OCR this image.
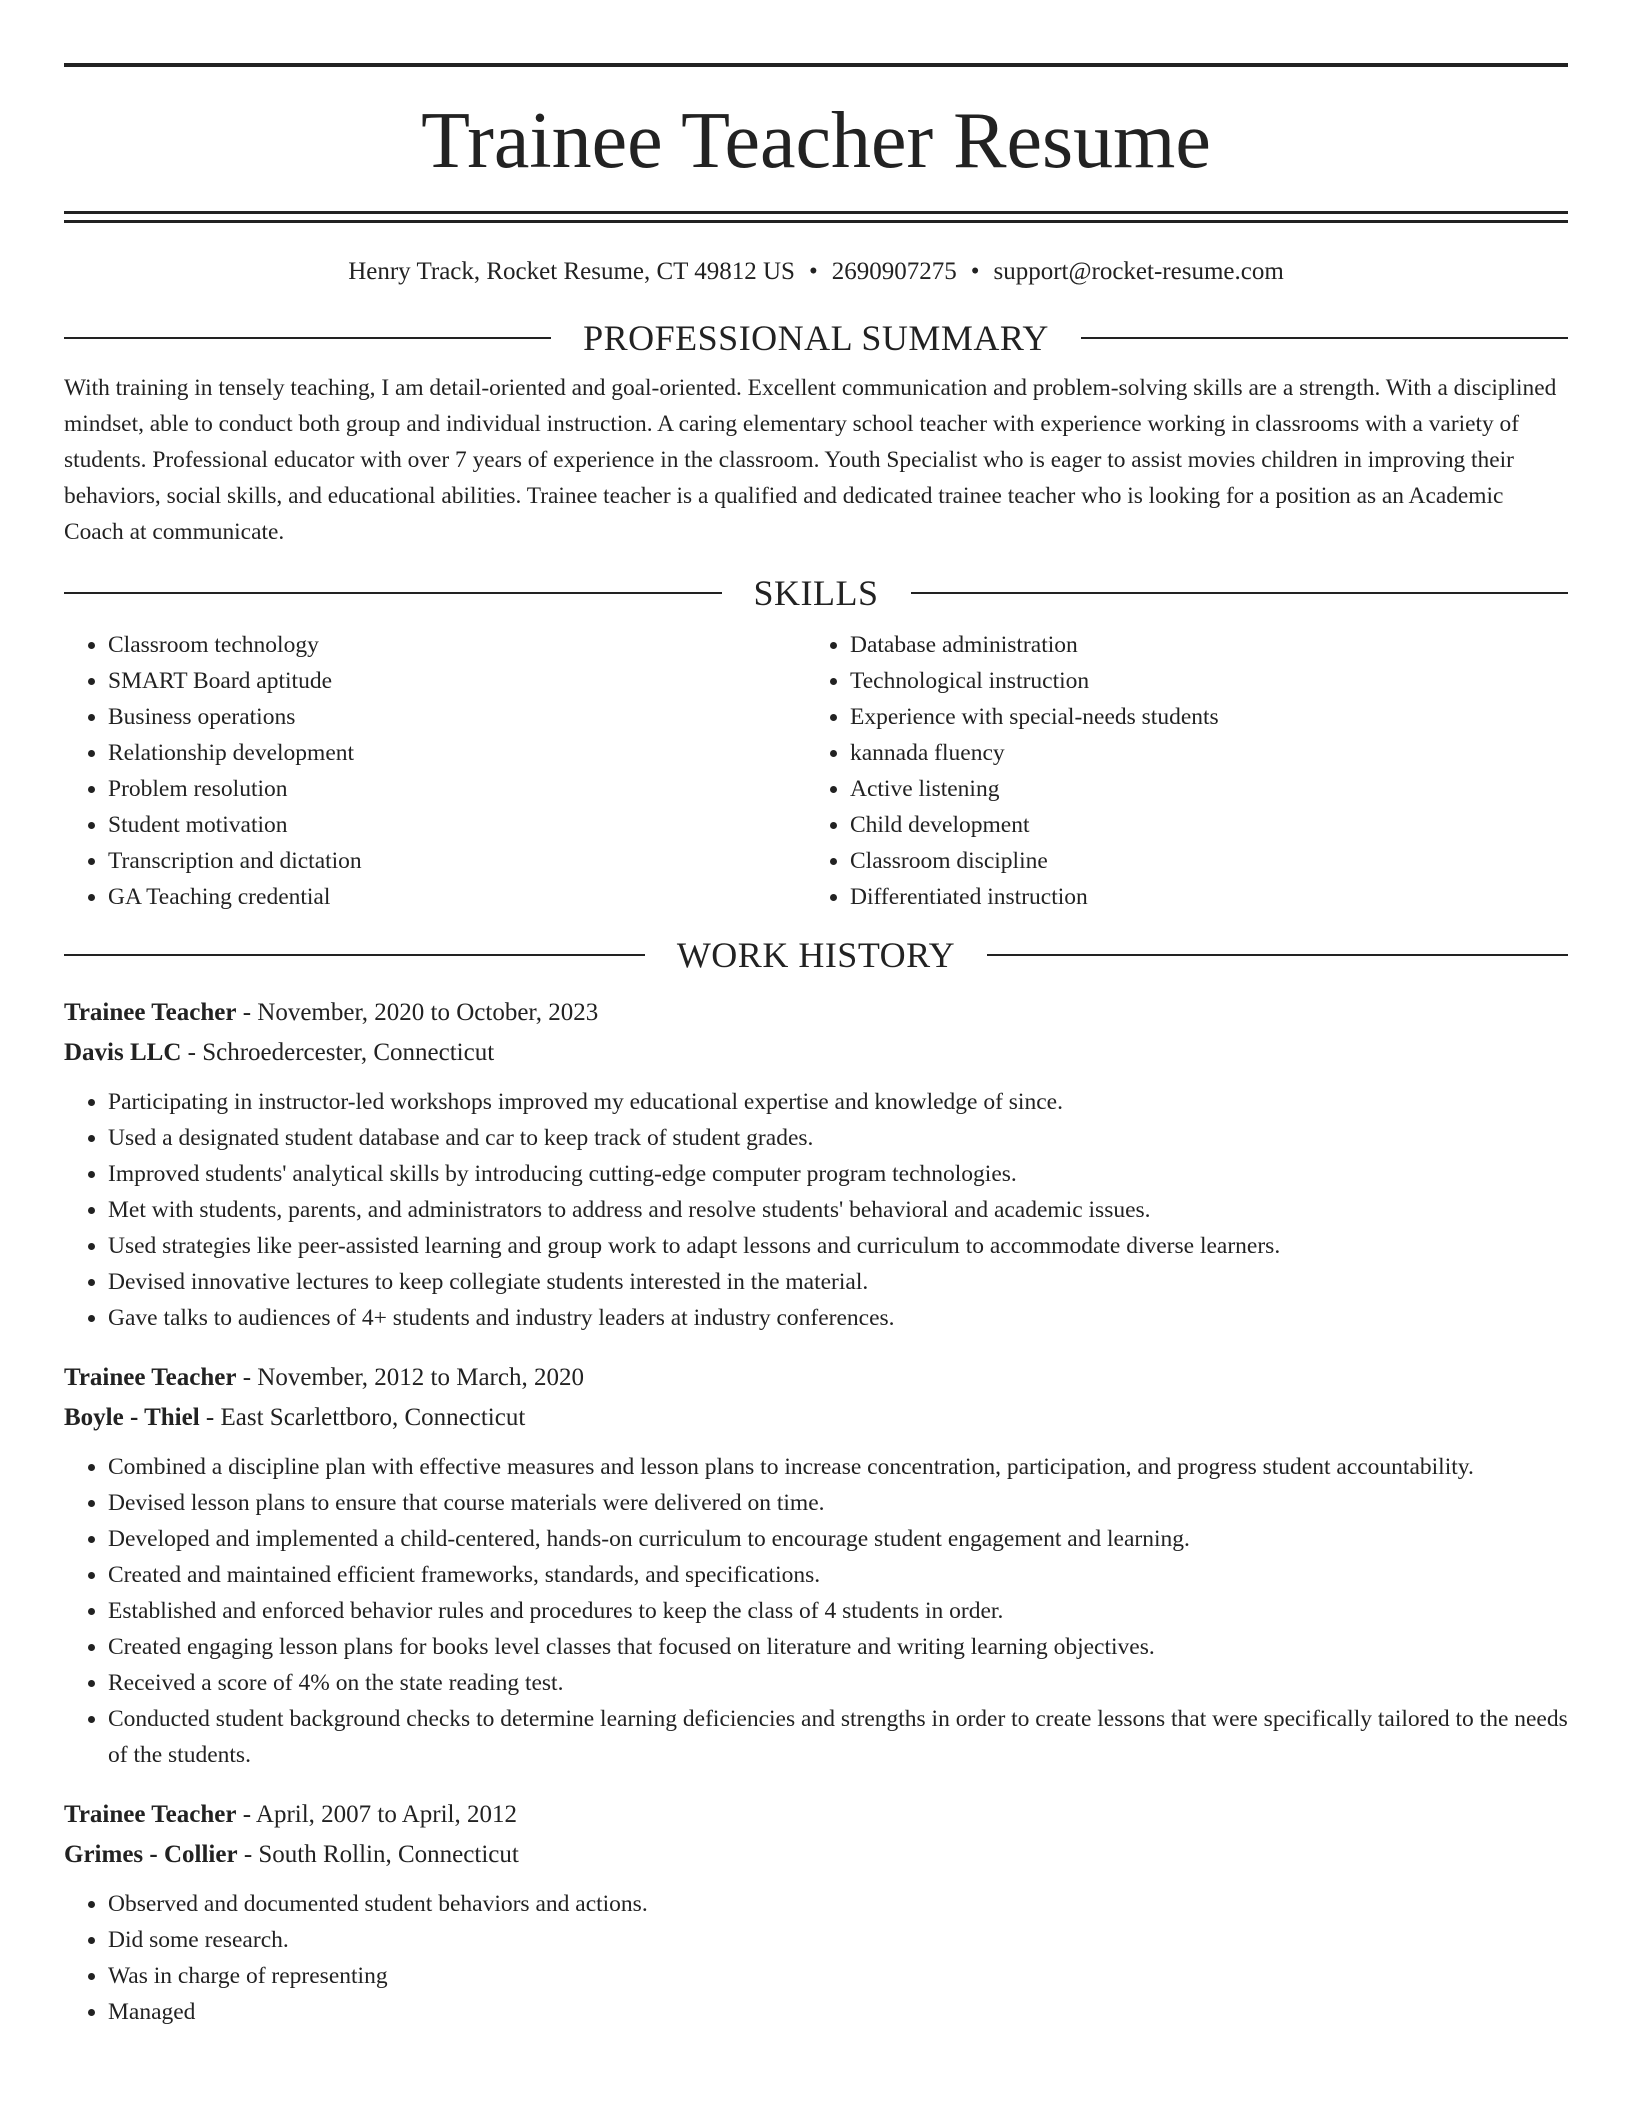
Trainee Teacher Resume
Henry Track, Rocket Resume, CT 49812 US • 2690907275 • support@rocket-resume.com
PROFESSIONAL SUMMARY
With training in tensely teaching, I am detail-oriented and goal-oriented. Excellent communication and problem-solving skills are a strength. With a disciplined mindset, able to conduct both group and individual instruction. A caring elementary school teacher with experience working in classrooms with a variety of students. Professional educator with over 7 years of experience in the classroom. Youth Specialist who is eager to assist movies children in improving their behaviors, social skills, and educational abilities. Trainee teacher is a qualified and dedicated trainee teacher who is looking for a position as an Academic Coach at communicate.
SKILLS
• Classroom technology
• SMART Board aptitude
• Business operations
• Relationship development
• Problem resolution
• Student motivation
• Transcription and dictation
• GA Teaching credential
• Database administration
• Technological instruction
• Experience with special-needs students
• kannada fluency
• Active listening
• Child development
• Classroom discipline
• Differentiated instruction
WORK HISTORY
Trainee Teacher - November, 2020 to October, 2023
Davis LLC - Schroedercester, Connecticut
• Participating in instructor-led workshops improved my educational expertise and knowledge of since.
• Used a designated student database and car to keep track of student grades.
• Improved students' analytical skills by introducing cutting-edge computer program technologies.
• Met with students, parents, and administrators to address and resolve students' behavioral and academic issues.
• Used strategies like peer-assisted learning and group work to adapt lessons and curriculum to accommodate diverse learners.
• Devised innovative lectures to keep collegiate students interested in the material.
• Gave talks to audiences of 4+ students and industry leaders at industry conferences.
Trainee Teacher - November, 2012 to March, 2020
Boyle - Thiel - East Scarlettboro, Connecticut
• Combined a discipline plan with effective measures and lesson plans to increase concentration, participation, and progress student accountability.
• Devised lesson plans to ensure that course materials were delivered on time.
• Developed and implemented a child-centered, hands-on curriculum to encourage student engagement and learning.
• Created and maintained efficient frameworks, standards, and specifications.
• Established and enforced behavior rules and procedures to keep the class of 4 students in order.
• Created engaging lesson plans for books level classes that focused on literature and writing learning objectives.
• Received a score of 4% on the state reading test.
• Conducted student background checks to determine learning deficiencies and strengths in order to create lessons that were specifically tailored to the needs of the students.
Trainee Teacher - April, 2007 to April, 2012
Grimes - Collier - South Rollin, Connecticut
• Observed and documented student behaviors and actions.
• Did some research.
• Was in charge of representing
• Managed
